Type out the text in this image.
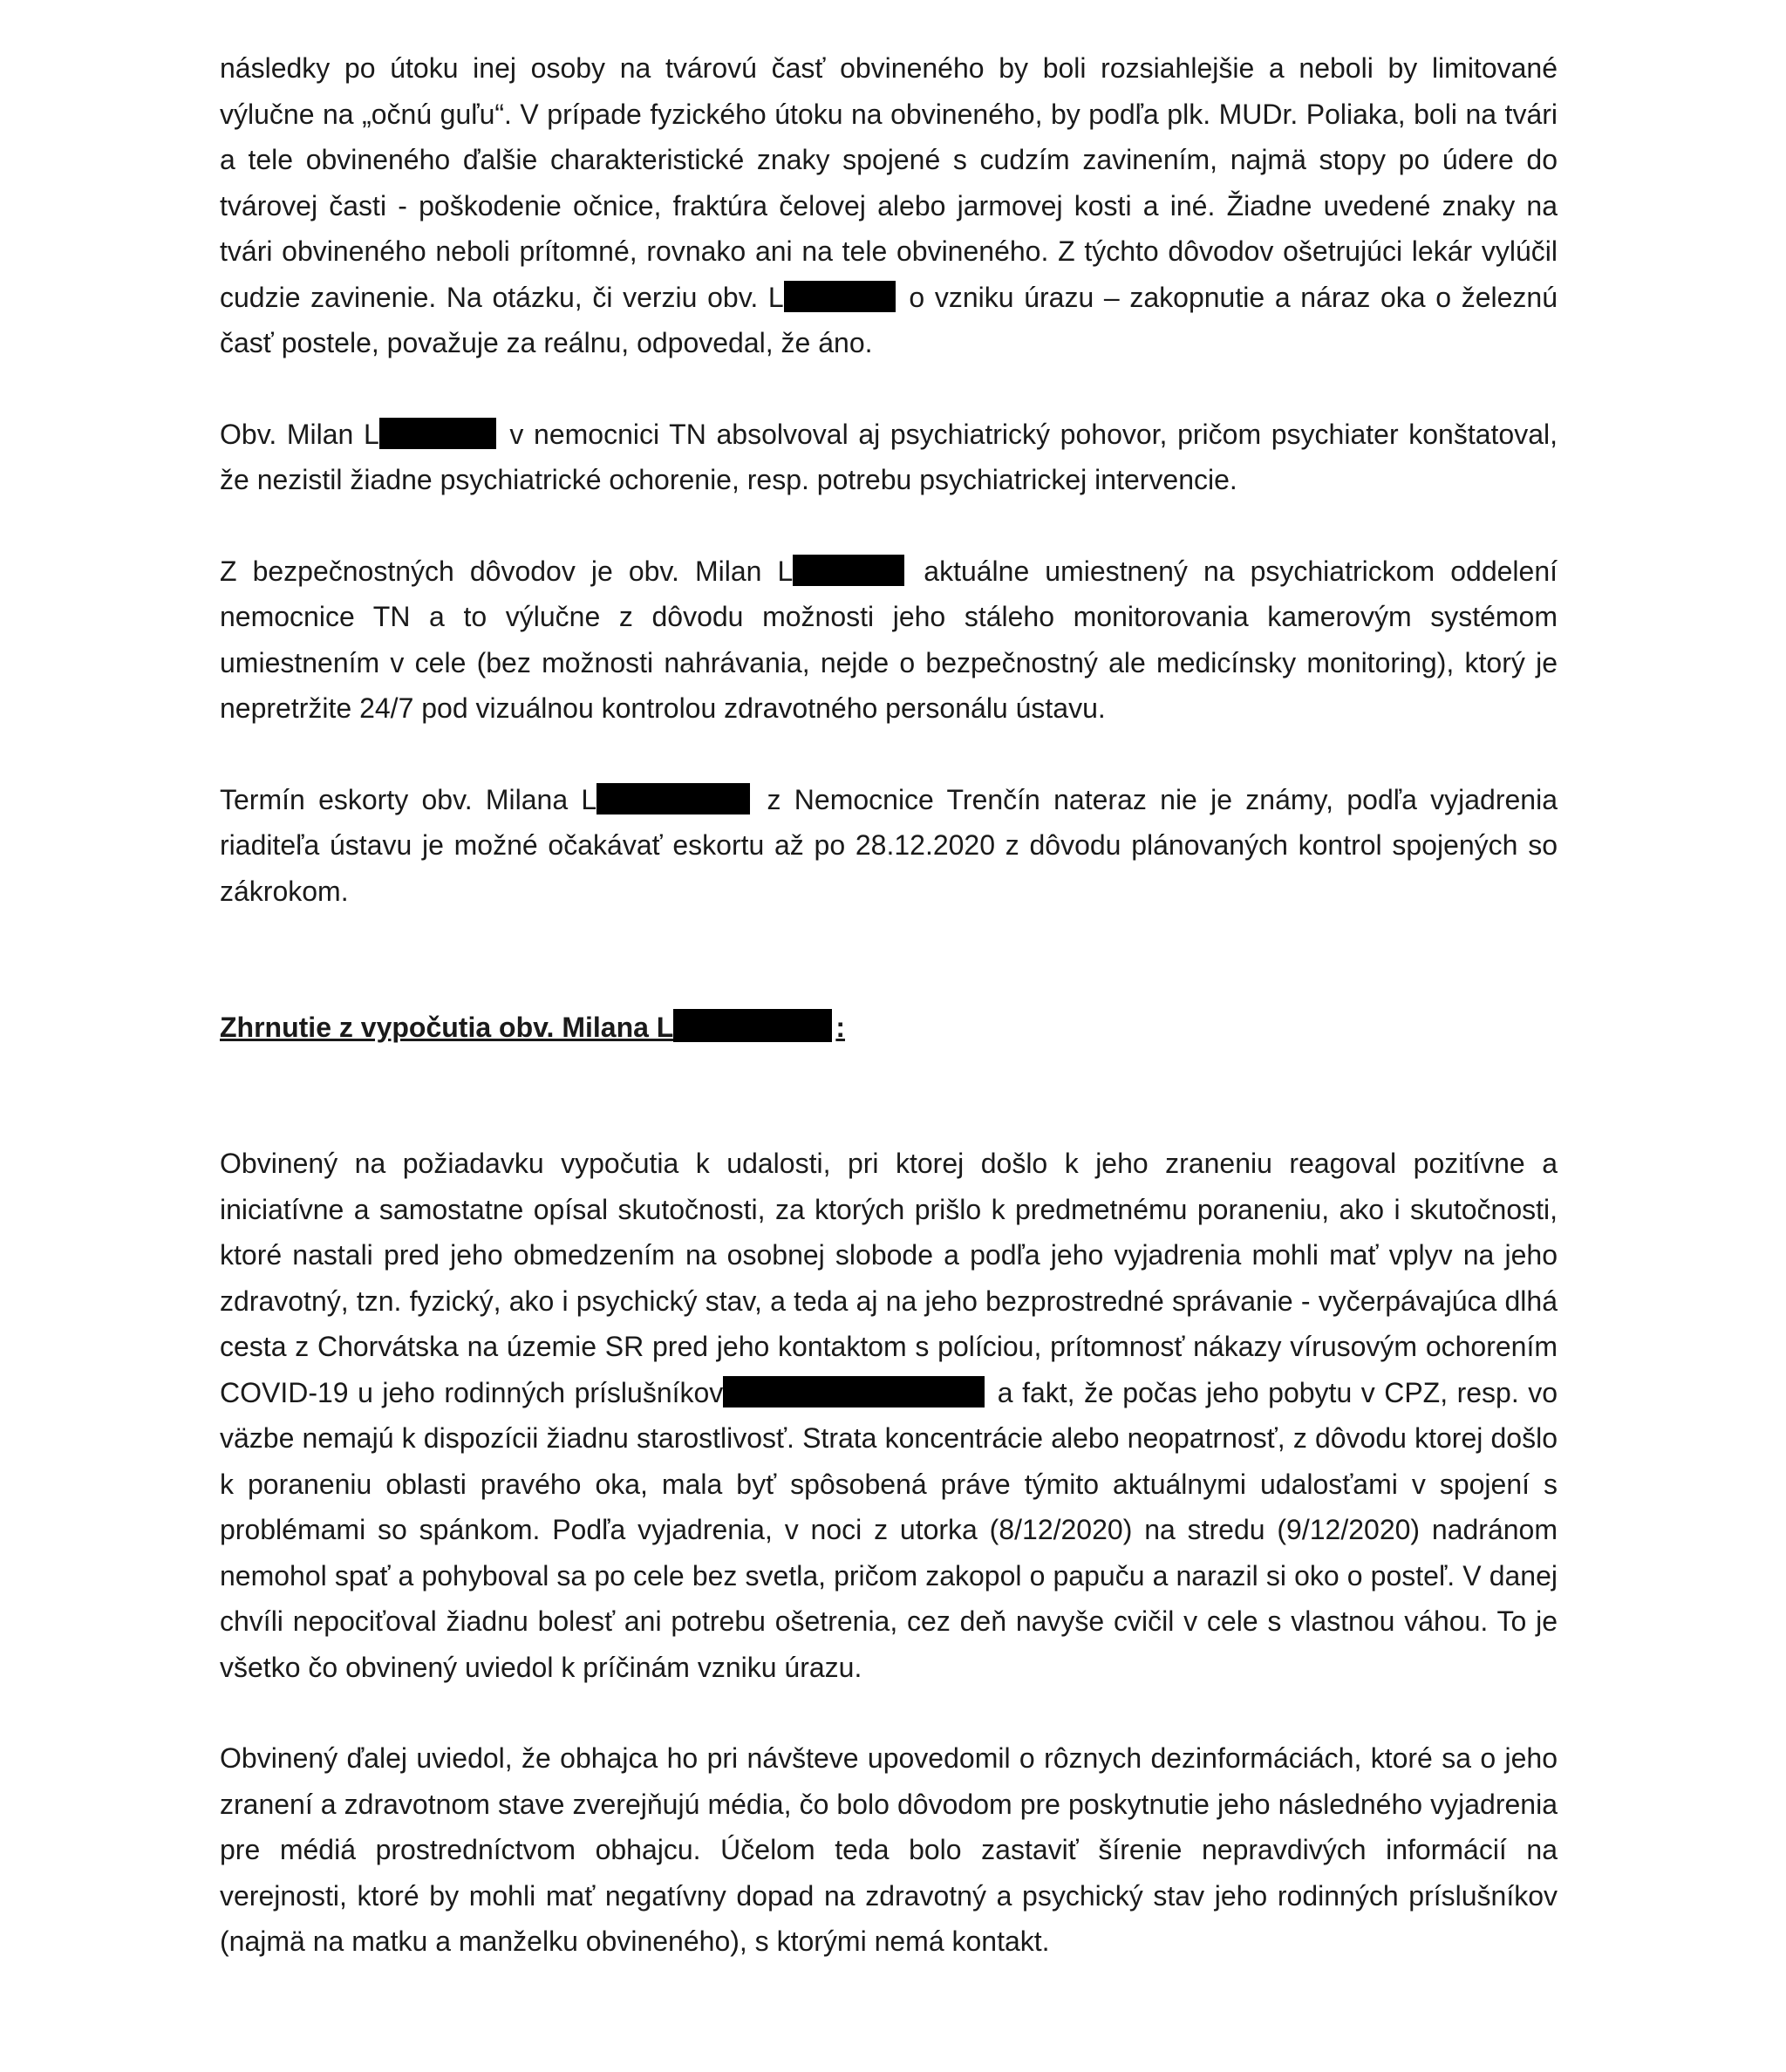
následky po útoku inej osoby na tvárovú časť obvineného by boli rozsiahlejšie a neboli by limitované výlučne na „očnú guľu“. V prípade fyzického útoku na obvineného, by podľa plk. MUDr. Poliaka, boli na tvári a tele obvineného ďalšie charakteristické znaky spojené s cudzím zavinením, najmä stopy po údere do tvárovej časti - poškodenie očnice, fraktúra čelovej alebo jarmovej kosti a iné. Žiadne uvedené znaky na tvári obvineného neboli prítomné, rovnako ani na tele obvineného. Z týchto dôvodov ošetrujúci lekár vylúčil cudzie zavinenie. Na otázku, či verziu obv. L	o vzniku úrazu – zakopnutie a náraz oka o železnú časť postele, považuje za reálnu, odpovedal, že áno.

Obv. Milan L	v nemocnici TN absolvoval aj psychiatrický pohovor, pričom psychiater konštatoval, že nezistil žiadne psychiatrické ochorenie, resp. potrebu psychiatrickej intervencie.

Z bezpečnostných dôvodov je obv. Milan L	aktuálne umiestnený na psychiatrickom oddelení nemocnice TN a to výlučne z dôvodu možnosti jeho stáleho monitorovania kamerovým systémom umiestnením v cele (bez možnosti nahrávania, nejde o bezpečnostný ale medicínsky monitoring), ktorý je nepretržite 24/7 pod vizuálnou kontrolou zdravotného personálu ústavu.

Termín eskorty obv. Milana L	z Nemocnice Trenčín nateraz nie je známy, podľa vyjadrenia riaditeľa ústavu je možné očakávať eskortu až po 28.12.2020 z dôvodu plánovaných kontrol spojených so zákrokom.

Zhrnutie z vypočutia obv. Milana L	:

Obvinený na požiadavku vypočutia k udalosti, pri ktorej došlo k jeho zraneniu reagoval pozitívne a iniciatívne a samostatne opísal skutočnosti, za ktorých prišlo k predmetnému poraneniu, ako i skutočnosti, ktoré nastali pred jeho obmedzením na osobnej slobode a podľa jeho vyjadrenia mohli mať vplyv na jeho zdravotný, tzn. fyzický, ako i psychický stav, a teda aj na jeho bezprostredné správanie - vyčerpávajúca dlhá cesta z Chorvátska na územie SR pred jeho kontaktom s políciou, prítomnosť nákazy vírusovým ochorením COVID-19 u jeho rodinných príslušníkov	a fakt, že počas jeho pobytu v CPZ, resp. vo väzbe nemajú k dispozícii žiadnu starostlivosť. Strata koncentrácie alebo neopatrnosť, z dôvodu ktorej došlo k poraneniu oblasti pravého oka, mala byť spôsobená práve týmito aktuálnymi udalosťami v spojení s problémami so spánkom. Podľa vyjadrenia, v noci z utorka (8/12/2020) na stredu (9/12/2020) nadránom nemohol spať a pohyboval sa po cele bez svetla, pričom zakopol o papuču a narazil si oko o posteľ. V danej chvíli nepociťoval žiadnu bolesť ani potrebu ošetrenia, cez deň navyše cvičil v cele s vlastnou váhou. To je všetko čo obvinený uviedol k príčinám vzniku úrazu.

Obvinený ďalej uviedol, že obhajca ho pri návšteve upovedomil o rôznych dezinformáciách, ktoré sa o jeho zranení a zdravotnom stave zverejňujú média, čo bolo dôvodom pre poskytnutie jeho následného vyjadrenia pre médiá prostredníctvom obhajcu. Účelom teda bolo zastaviť šírenie nepravdivých informácií na verejnosti, ktoré by mohli mať negatívny dopad na zdravotný a psychický stav jeho rodinných príslušníkov (najmä na matku a manželku obvineného), s ktorými nemá kontakt.
